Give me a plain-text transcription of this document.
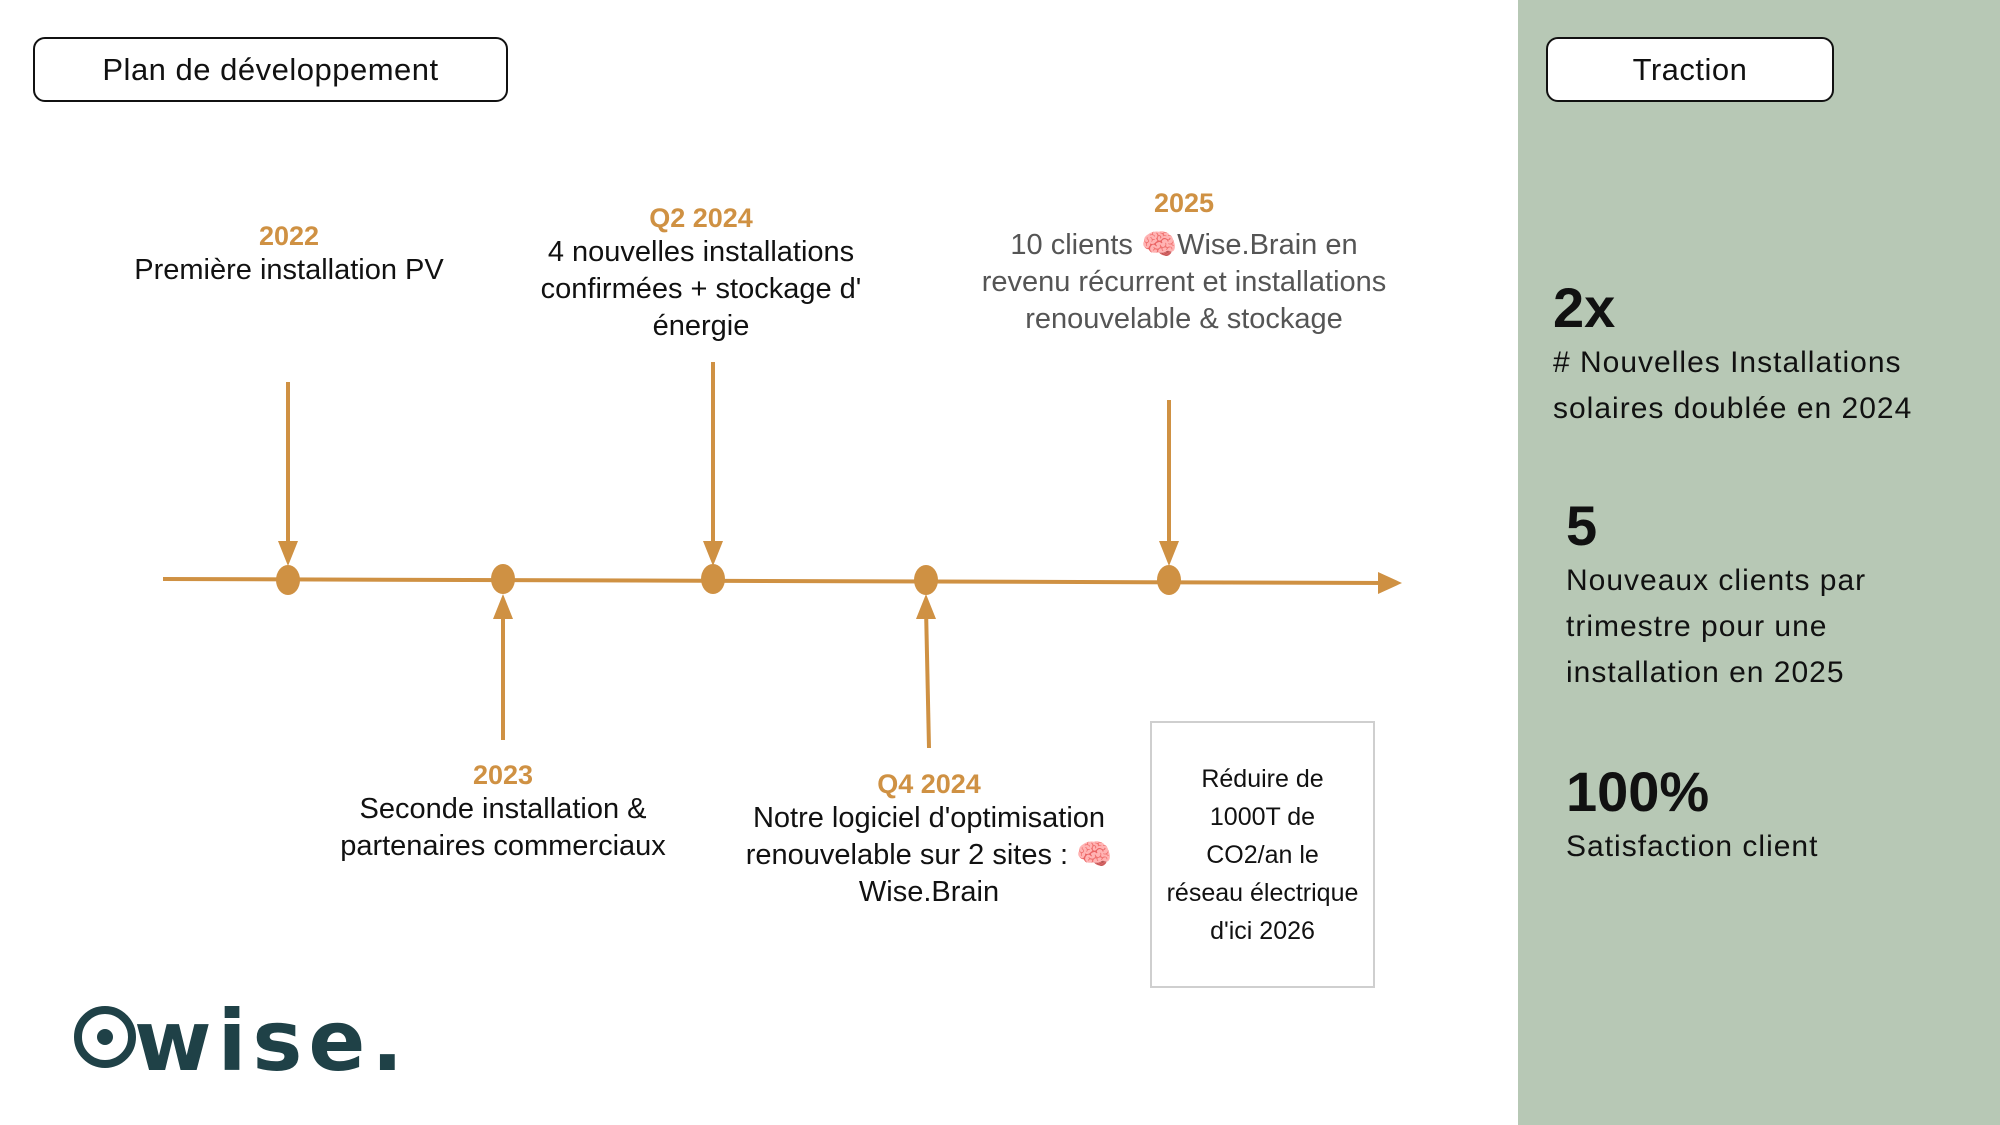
Plan de développement	Traction
2022
Première installation PV
2023
Seconde installation & partenaires commerciaux
Q2 2024
4 nouvelles installations confirmées + stockage d' énergie
Q4 2024
Notre logiciel d'optimisation renouvelable sur 2 sites : 🧠 Wise.Brain
2025
10 clients 🧠Wise.Brain en revenu récurrent et installations renouvelable & stockage
Réduire de 1000T de CO2/an le réseau électrique d'ici 2026
2x
# Nouvelles Installations solaires doublée en 2024
5
Nouveaux clients par trimestre pour une installation en 2025
100%
Satisfaction client
wise.
